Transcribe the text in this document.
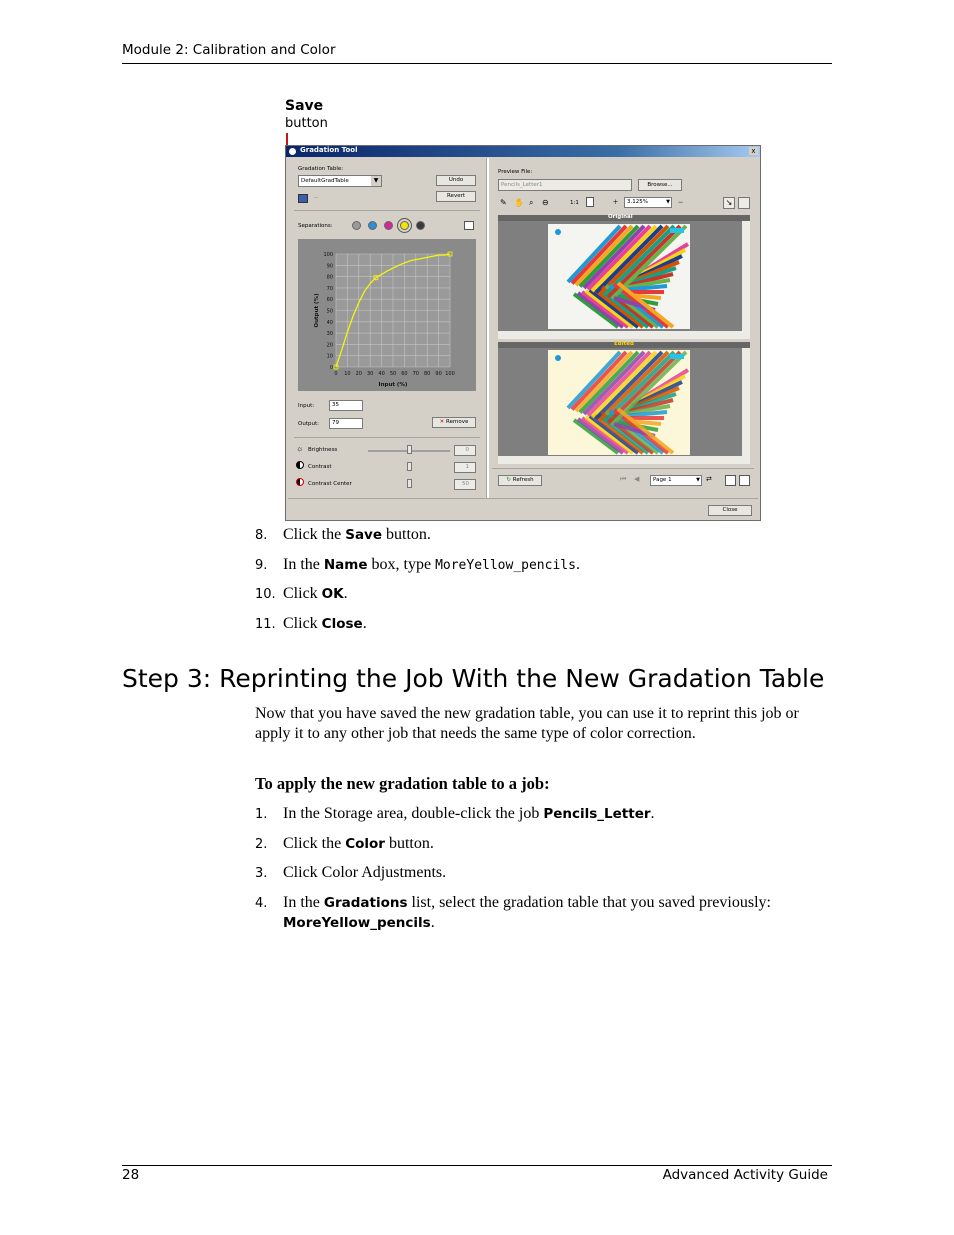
Module 2: Calibration and Color
Save
button
Gradation Tool	x
Gradation Table:
DefaultGradTable	▼	Undo
Revert
−
Separations:
0 10 20 30 40 50 60 70 80 90 100
100
90
80
70
60
50
40
30
20
10
0
Input (%)
Output (%)
Input:	35
Output:	79	✕ Remove
☼ Brightness	0
Contrast	1
Contrast Center	50
Preview File:
Pencils_Letter1	Browse...
✎ ✋ ⌕ ⊖	1:1	+	3.125%	▼ −	↘
Original
Edited
↻ Refresh	⏮ ◀	Page 1	▼ ⇄
Close
8. Click the Save button.
9. In the Name box, type MoreYellow_pencils.
10. Click OK.
11. Click Close.
Step 3: Reprinting the Job With the New Gradation Table
Now that you have saved the new gradation table, you can use it to reprint this job or apply it to any other job that needs the same type of color correction.
To apply the new gradation table to a job:
1. In the Storage area, double-click the job Pencils_Letter.
2. Click the Color button.
3. Click Color Adjustments.
4. In the Gradations list, select the gradation table that you saved previously:
MoreYellow_pencils.
28	Advanced Activity Guide
